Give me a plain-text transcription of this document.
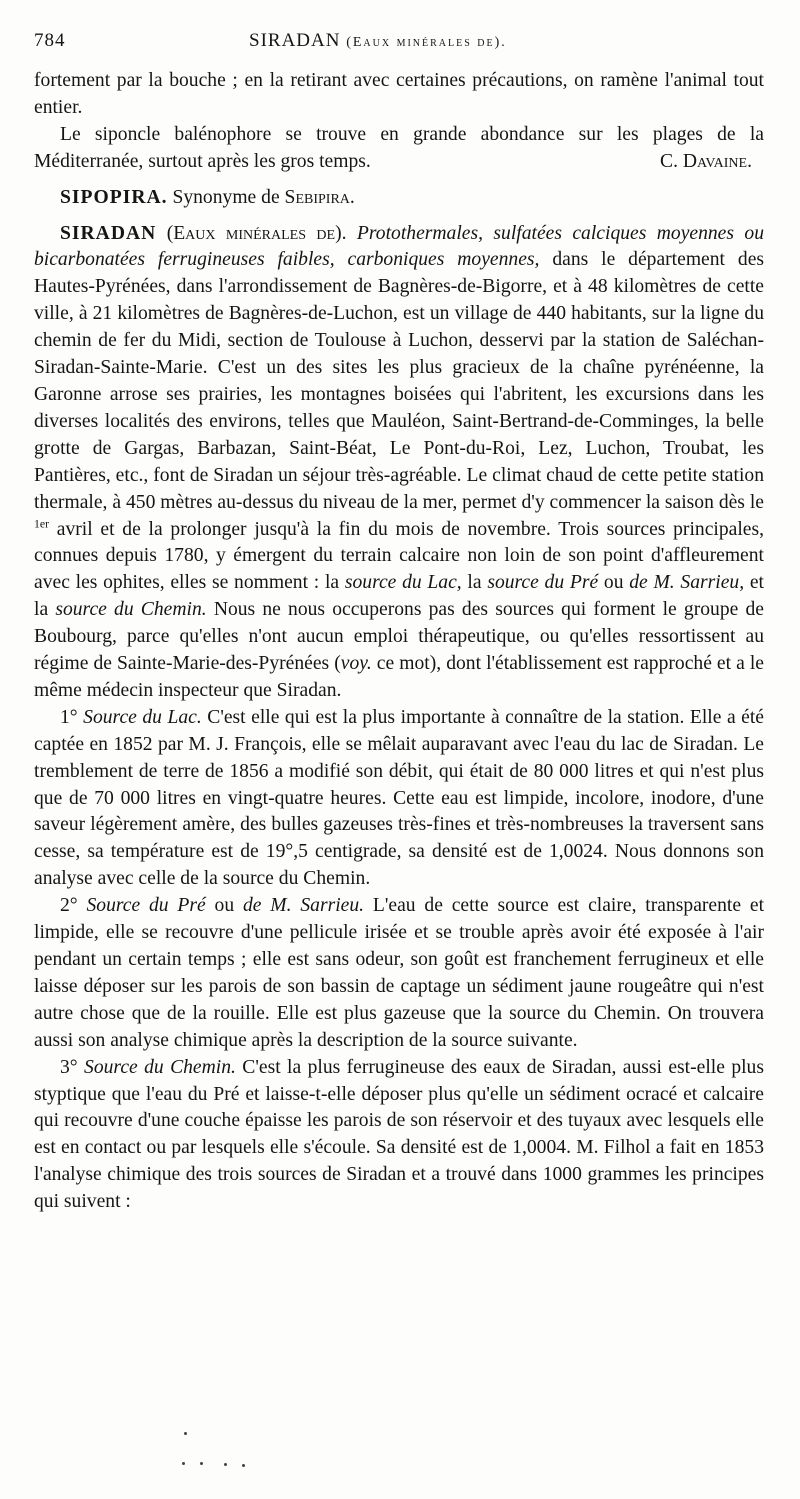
784	SIRADAN (Eaux minérales de).

fortement par la bouche ; en la retirant avec certaines précautions, on ramène l'animal tout entier.

Le siponcle balénophore se trouve en grande abondance sur les plages de la Méditerranée, surtout après les gros temps.	C. Davaine.

SIPOPIRA. Synonyme de Sebipira.

SIRADAN (Eaux minérales de). Protothermales, sulfatées calciques moyennes ou bicarbonatées ferrugineuses faibles, carboniques moyennes, dans le département des Hautes-Pyrénées, dans l'arrondissement de Bagnères-de-Bigorre, et à 48 kilomètres de cette ville, à 21 kilomètres de Bagnères-de-Luchon, est un village de 440 habitants, sur la ligne du chemin de fer du Midi, section de Toulouse à Luchon, desservi par la station de Saléchan-Siradan-Sainte-Marie. C'est un des sites les plus gracieux de la chaîne pyrénéenne, la Garonne arrose ses prairies, les montagnes boisées qui l'abritent, les excursions dans les diverses localités des environs, telles que Mauléon, Saint-Bertrand-de-Comminges, la belle grotte de Gargas, Barbazan, Saint-Béat, Le Pont-du-Roi, Lez, Luchon, Troubat, les Pantières, etc., font de Siradan un séjour très-agréable. Le climat chaud de cette petite station thermale, à 450 mètres au-dessus du niveau de la mer, permet d'y commencer la saison dès le $^{1er}$ avril et de la prolonger jusqu'à la fin du mois de novembre. Trois sources principales, connues depuis 1780, y émergent du terrain calcaire non loin de son point d'affleurement avec les ophites, elles se nomment : la source du Lac, la source du Pré ou de M. Sarrieu, et la source du Chemin. Nous ne nous occuperons pas des sources qui forment le groupe de Boubourg, parce qu'elles n'ont aucun emploi thérapeutique, ou qu'elles ressortissent au régime de Sainte-Marie-des-Pyrénées (voy. ce mot), dont l'établissement est rapproché et a le même médecin inspecteur que Siradan.

1° Source du Lac. C'est elle qui est la plus importante à connaître de la station. Elle a été captée en 1852 par M. J. François, elle se mêlait auparavant avec l'eau du lac de Siradan. Le tremblement de terre de 1856 a modifié son débit, qui était de 80 000 litres et qui n'est plus que de 70 000 litres en vingt-quatre heures. Cette eau est limpide, incolore, inodore, d'une saveur légèrement amère, des bulles gazeuses très-fines et très-nombreuses la traversent sans cesse, sa température est de 19°,5 centigrade, sa densité est de 1,0024. Nous donnons son analyse avec celle de la source du Chemin.

2° Source du Pré ou de M. Sarrieu. L'eau de cette source est claire, transparente et limpide, elle se recouvre d'une pellicule irisée et se trouble après avoir été exposée à l'air pendant un certain temps ; elle est sans odeur, son goût est franchement ferrugineux et elle laisse déposer sur les parois de son bassin de captage un sédiment jaune rougeâtre qui n'est autre chose que de la rouille. Elle est plus gazeuse que la source du Chemin. On trouvera aussi son analyse chimique après la description de la source suivante.

3° Source du Chemin. C'est la plus ferrugineuse des eaux de Siradan, aussi est-elle plus styptique que l'eau du Pré et laisse-t-elle déposer plus qu'elle un sédiment ocracé et calcaire qui recouvre d'une couche épaisse les parois de son réservoir et des tuyaux avec lesquels elle est en contact ou par lesquels elle s'écoule. Sa densité est de 1,0004. M. Filhol a fait en 1853 l'analyse chimique des trois sources de Siradan et a trouvé dans 1000 grammes les principes qui suivent :
